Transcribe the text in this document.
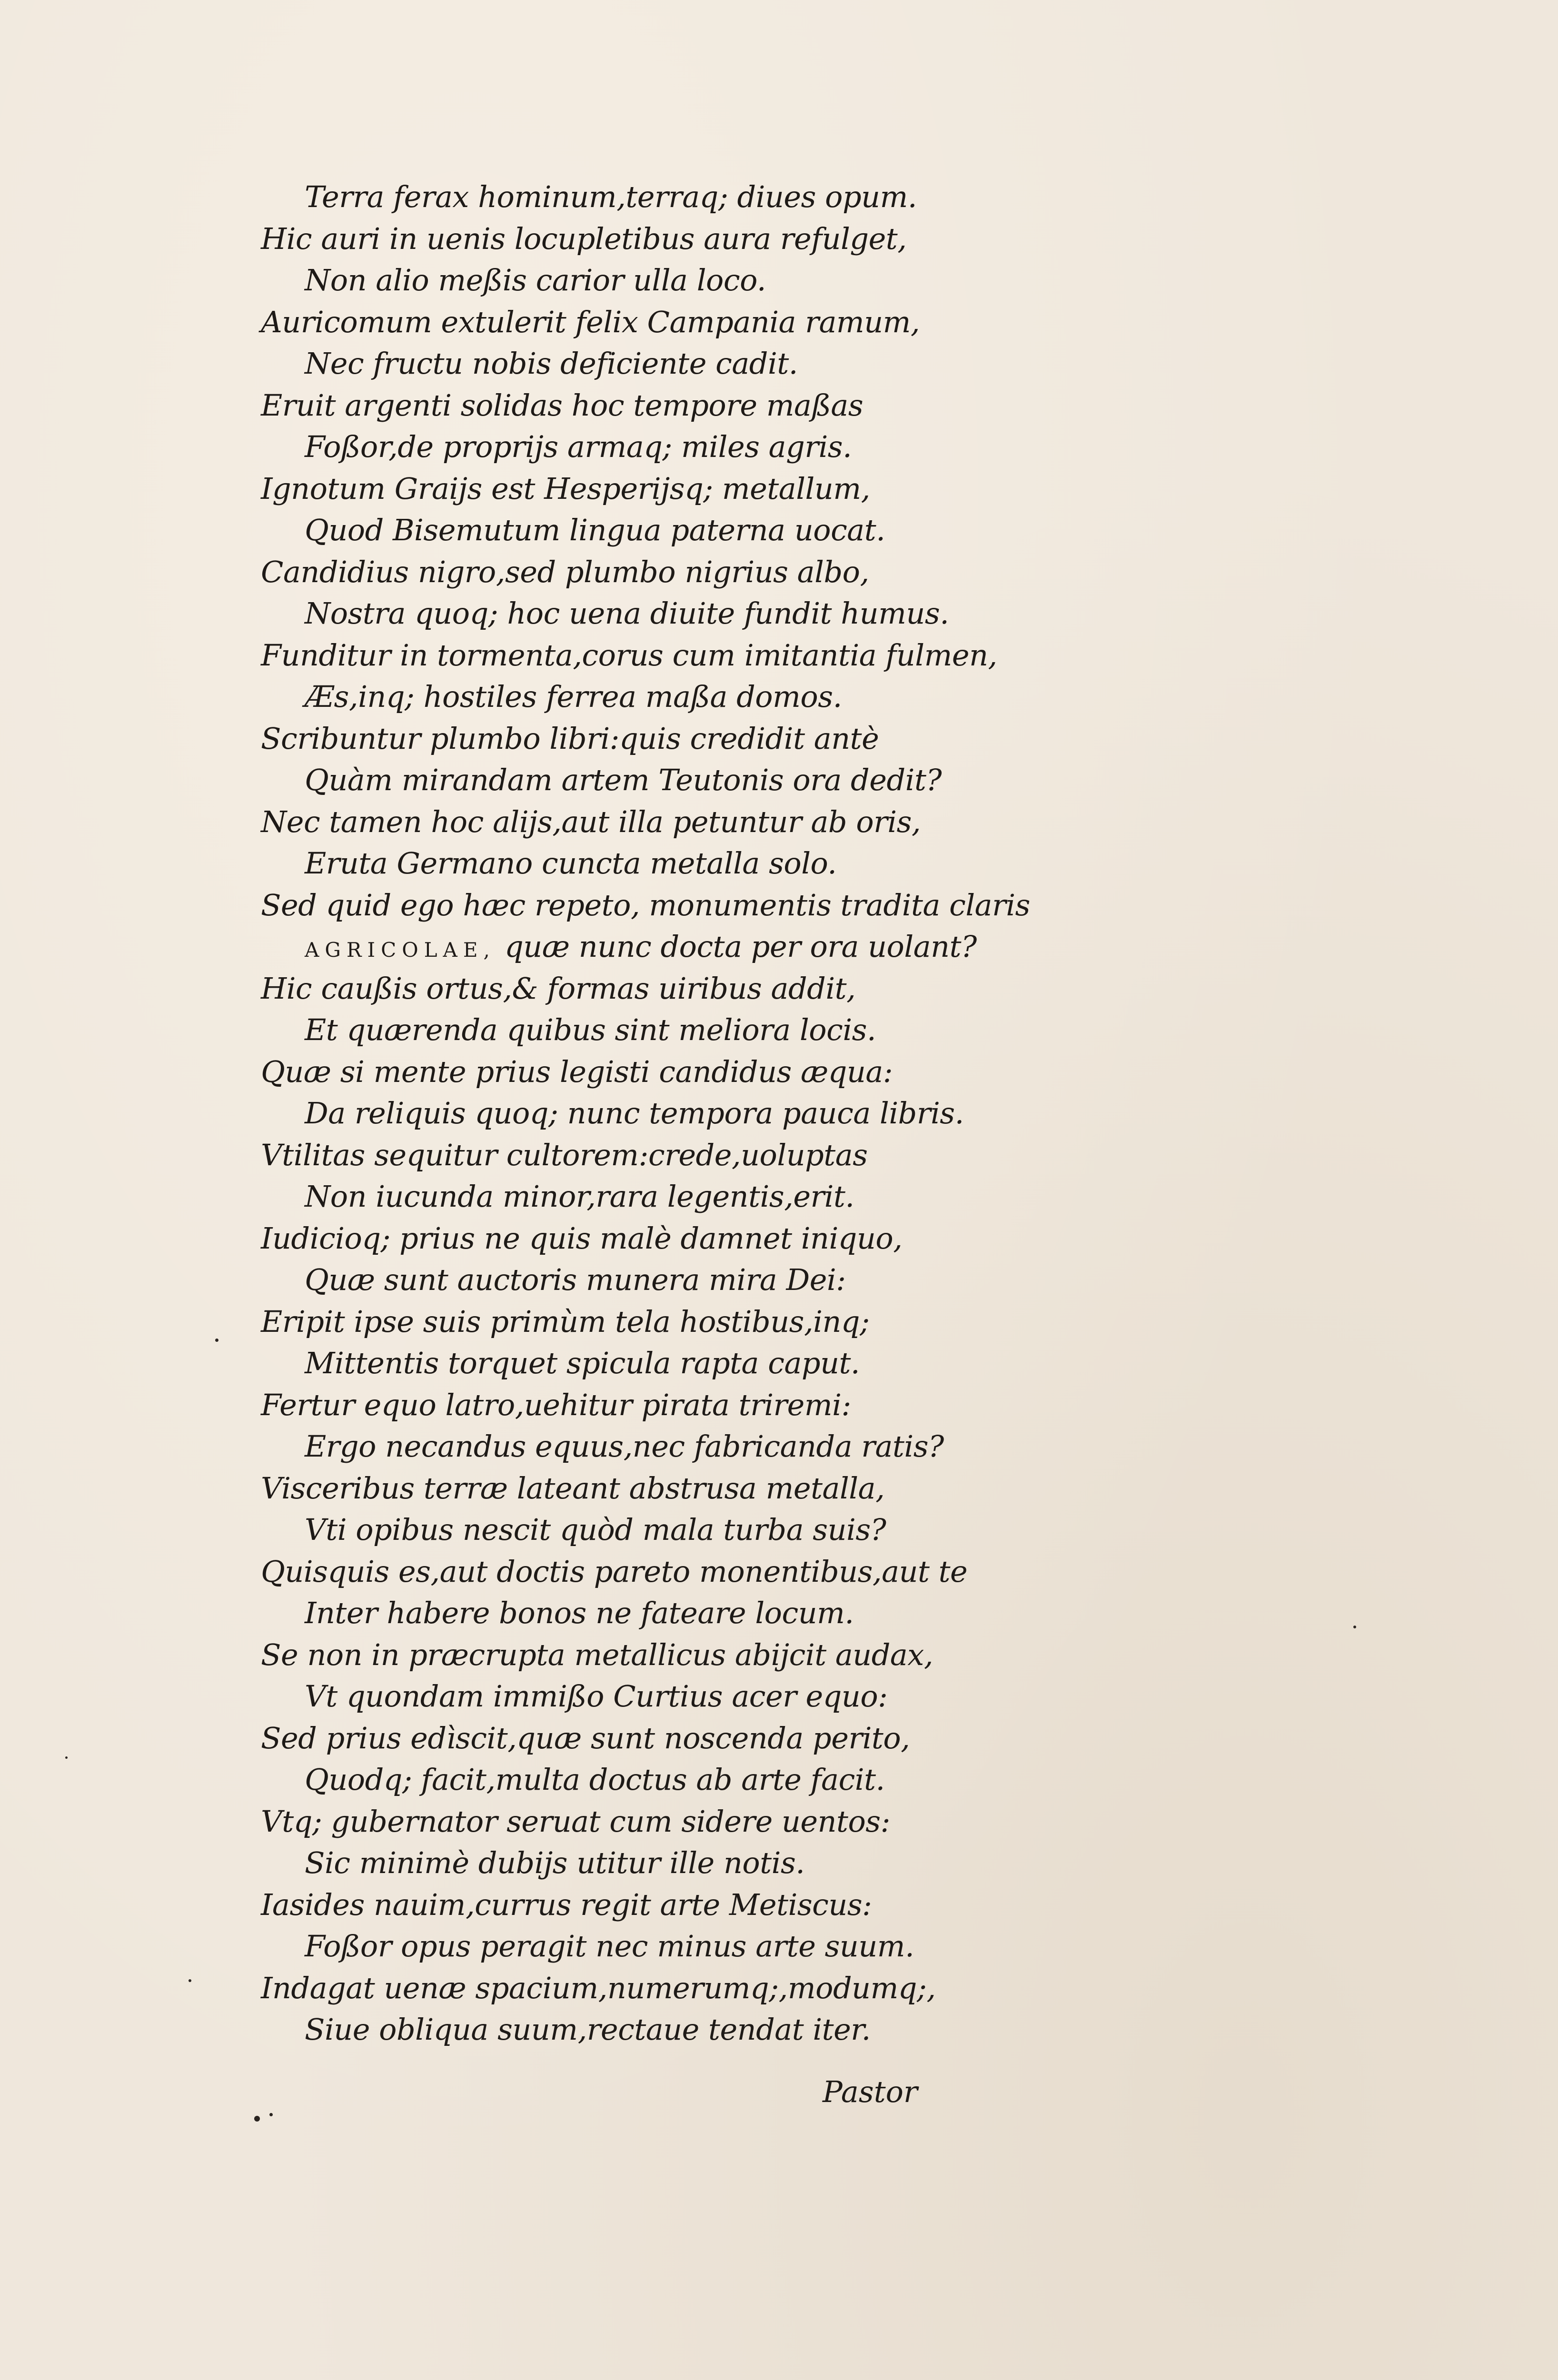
Terra ferax hominum,terraq; diues opum.
Hic auri in uenis locupletibus aura refulget,
Non alio meßis carior ulla loco.
Auricomum extulerit felix Campania ramum,
Nec fructu nobis deficiente cadit.
Eruit argenti solidas hoc tempore maßas
Foßor,de proprijs armaq; miles agris.
Ignotum Graijs est Hesperijsq; metallum,
Quod Bisemutum lingua paterna uocat.
Candidius nigro,sed plumbo nigrius albo,
Nostra quoq; hoc uena diuite fundit humus.
Funditur in tormenta,corus cum imitantia fulmen,
Æs,inq; hostiles ferrea maßa domos.
Scribuntur plumbo libri:quis credidit antè
Quàm mirandam artem Teutonis ora dedit?
Nec tamen hoc alijs,aut illa petuntur ab oris,
Eruta Germano cuncta metalla solo.
Sed quid ego hæc repeto, monumentis tradita claris
AGRICOLAE, quæ nunc docta per ora uolant?
Hic caußis ortus,& formas uiribus addit,
Et quærenda quibus sint meliora locis.
Quæ si mente prius legisti candidus æqua:
Da reliquis quoq; nunc tempora pauca libris.
Vtilitas sequitur cultorem:crede,uoluptas
Non iucunda minor,rara legentis,erit.
Iudicioq; prius ne quis malè damnet iniquo,
Quæ sunt auctoris munera mira Dei:
Eripit ipse suis primùm tela hostibus,inq;
Mittentis torquet spicula rapta caput.
Fertur equo latro,uehitur pirata triremi:
Ergo necandus equus,nec fabricanda ratis?
Visceribus terræ lateant abstrusa metalla,
Vti opibus nescit quòd mala turba suis?
Quisquis es,aut doctis pareto monentibus,aut te
Inter habere bonos ne fateare locum.
Se non in præcrupta metallicus abijcit audax,
Vt quondam immißo Curtius acer equo:
Sed prius edìscit,quæ sunt noscenda perito,
Quodq; facit,multa doctus ab arte facit.
Vtq; gubernator seruat cum sidere uentos:
Sic minimè dubijs utitur ille notis.
Iasides nauim,currus regit arte Metiscus:
Foßor opus peragit nec minus arte suum.
Indagat uenæ spacium,numerumq;,modumq;,
Siue obliqua suum,rectaue tendat iter.
Pastor
